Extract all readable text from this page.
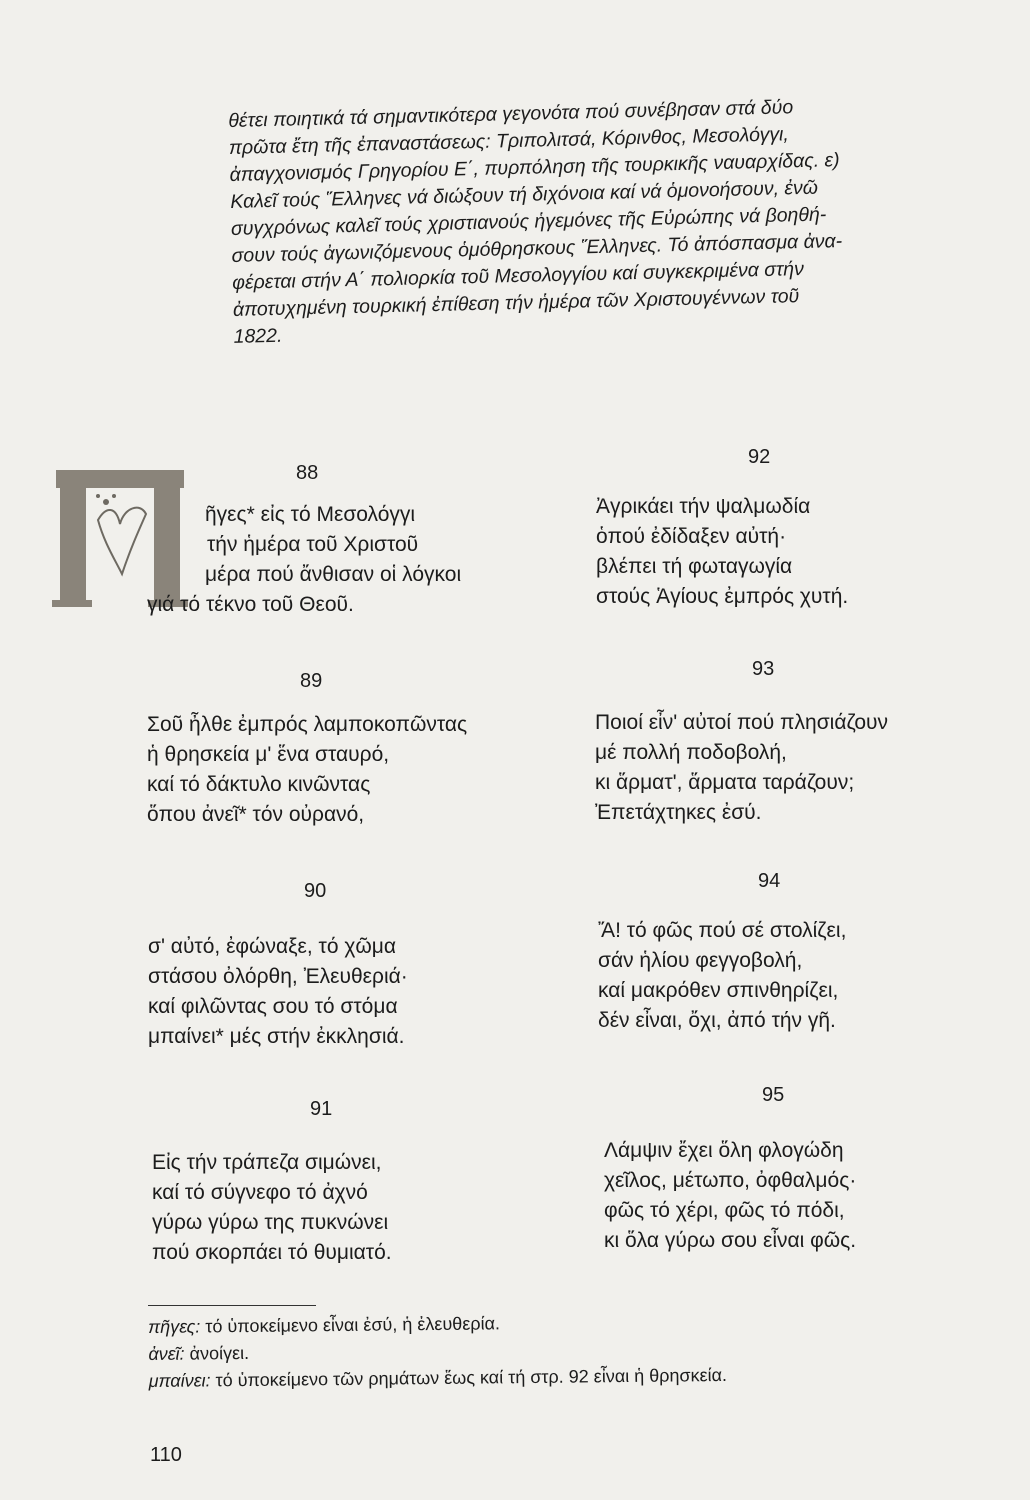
θέτει ποιητικά τά σημαντικότερα γεγονότα πού συνέβησαν στά δύο
πρῶτα ἔτη τῆς ἐπαναστάσεως: Τριπολιτσά, Κόρινθος, Μεσολόγγι,
ἀπαγχονισμός Γρηγορίου Ε΄, πυρπόληση τῆς τουρκικῆς ναυαρχίδας. ε)
Καλεῖ τούς Ἕλληνες νά διώξουν τή διχόνοια καί νά ὁμονοήσουν, ἐνῶ
συγχρόνως καλεῖ τούς χριστιανούς ἡγεμόνες τῆς Εὐρώπης νά βοηθή-
σουν τούς ἀγωνιζόμενους ὁμόθρησκους Ἕλληνες. Τό ἀπόσπασμα ἀνα-
φέρεται στήν Α΄ πολιορκία τοῦ Μεσολογγίου καί συγκεκριμένα στήν
ἀποτυχημένη τουρκική ἐπίθεση τήν ἡμέρα τῶν Χριστουγέννων τοῦ
1822.
88
ῆγες* εἰς τό Μεσολόγγι
τήν ἡμέρα τοῦ Χριστοῦ
μέρα πού ἄνθισαν οἱ λόγκοι
γιά τό τέκνο τοῦ Θεοῦ.
89
Σοῦ ἦλθε ἐμπρός λαμποκοπῶντας
ἡ θρησκεία μ' ἕνα σταυρό,
καί τό δάκτυλο κινῶντας
ὅπου ἀνεῖ* τόν οὐρανό,
90
σ' αὐτό, ἐφώναξε, τό χῶμα
στάσου ὀλόρθη, Ἐλευθεριά·
καί φιλῶντας σου τό στόμα
μπαίνει* μές στήν ἐκκλησιά.
91
Εἰς τήν τράπεζα σιμώνει,
καί τό σύγνεφο τό ἀχνό
γύρω γύρω της πυκνώνει
πού σκορπάει τό θυμιατό.
92
Ἀγρικάει τήν ψαλμωδία
ὁπού ἐδίδαξεν αὐτή·
βλέπει τή φωταγωγία
στούς Ἁγίους ἐμπρός χυτή.
93
Ποιοί εἶν' αὐτοί πού πλησιάζουν
μέ πολλή ποδοβολή,
κι ἅρματ', ἅρματα ταράζουν;
Ἐπετάχτηκες ἐσύ.
94
Ἄ! τό φῶς πού σέ στολίζει,
σάν ἡλίου φεγγοβολή,
καί μακρόθεν σπινθηρίζει,
δέν εἶναι, ὄχι, ἀπό τήν γῆ.
95
Λάμψιν ἔχει ὅλη φλογώδη
χεῖλος, μέτωπο, ὀφθαλμός·
φῶς τό χέρι, φῶς τό πόδι,
κι ὅλα γύρω σου εἶναι φῶς.
πῆγες: τό ὑποκείμενο εἶναι ἐσύ, ἡ ἐλευθερία.
ἀνεῖ: ἀνοίγει.
μπαίνει: τό ὑποκείμενο τῶν ρημάτων ἕως καί τή στρ. 92 εἶναι ἡ θρησκεία.
110
